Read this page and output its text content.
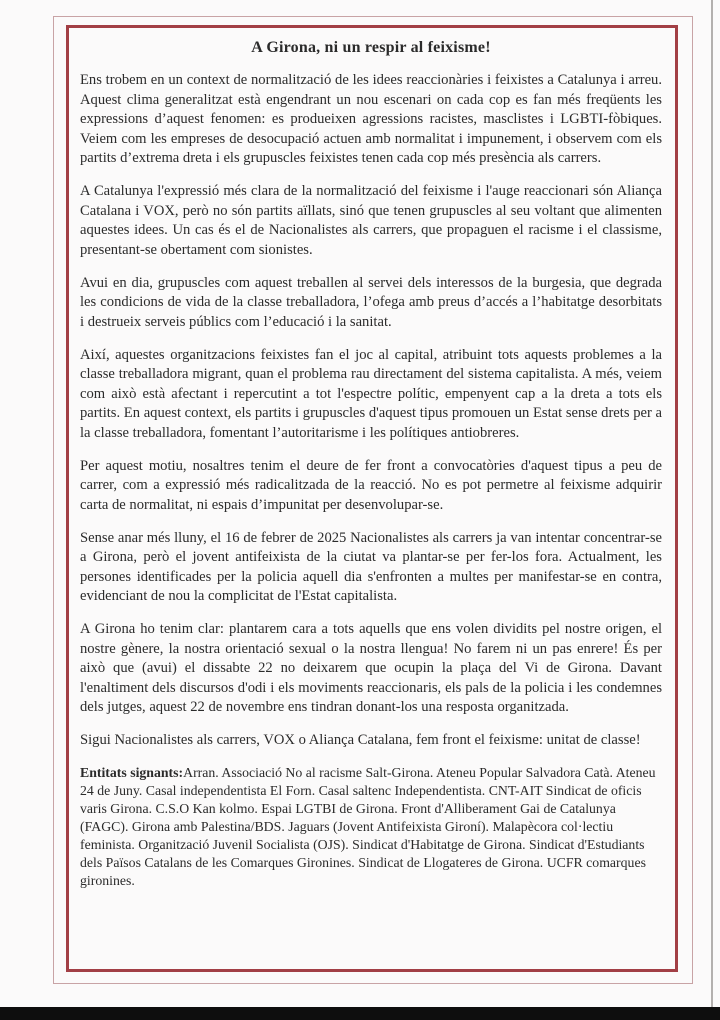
A Girona, ni un respir al feixisme!

Ens trobem en un context de normalització de les idees reaccionàries i feixistes a Catalunya i arreu. Aquest clima generalitzat està engendrant un nou escenari on cada cop es fan més freqüents les expressions d’aquest fenomen: es produeixen agressions racistes, masclistes i LGBTI-fòbiques. Veiem com les empreses de desocupació actuen amb normalitat i impunement, i observem com els partits d’extrema dreta i els grupuscles feixistes tenen cada cop més presència als carrers.

A Catalunya l'expressió més clara de la normalització del feixisme i l'auge reaccionari són Aliança Catalana i VOX, però no són partits aïllats, sinó que tenen grupuscles al seu voltant que alimenten aquestes idees. Un cas és el de Nacionalistes als carrers, que propaguen el racisme i el classisme, presentant-se obertament com sionistes.

Avui en dia, grupuscles com aquest treballen al servei dels interessos de la burgesia, que degrada les condicions de vida de la classe treballadora, l’ofega amb preus d’accés a l’habitatge desorbitats i destrueix serveis públics com l’educació i la sanitat.

Així, aquestes organitzacions feixistes fan el joc al capital, atribuint tots aquests problemes a la classe treballadora migrant, quan el problema rau directament del sistema capitalista. A més, veiem com això està afectant i repercutint a tot l'espectre polític, empenyent cap a la dreta a tots els partits. En aquest context, els partits i grupuscles d'aquest tipus promouen un Estat sense drets per a la classe treballadora, fomentant l’autoritarisme i les polítiques antiobreres.

Per aquest motiu, nosaltres tenim el deure de fer front a convocatòries d'aquest tipus a peu de carrer, com a expressió més radicalitzada de la reacció. No es pot permetre al feixisme adquirir carta de normalitat, ni espais d’impunitat per desenvolupar-se.

Sense anar més lluny, el 16 de febrer de 2025 Nacionalistes als carrers ja van intentar concentrar-se a Girona, però el jovent antifeixista de la ciutat va plantar-se per fer-los fora. Actualment, les persones identificades per la policia aquell dia s'enfronten a multes per manifestar-se en contra, evidenciant de nou la complicitat de l'Estat capitalista.

A Girona ho tenim clar: plantarem cara a tots aquells que ens volen dividits pel nostre origen, el nostre gènere, la nostra orientació sexual o la nostra llengua! No farem ni un pas enrere! És per això que (avui) el dissabte 22 no deixarem que ocupin la plaça del Vi de Girona. Davant l'enaltiment dels discursos d'odi i els moviments reaccionaris, els pals de la policia i les condemnes dels jutges, aquest 22 de novembre ens tindran donant-los una resposta organitzada.

Sigui Nacionalistes als carrers, VOX o Aliança Catalana, fem front el feixisme: unitat de classe!

Entitats signants:Arran. Associació No al racisme Salt-Girona. Ateneu Popular Salvadora Catà. Ateneu 24 de Juny. Casal independentista El Forn. Casal saltenc Independentista. CNT-AIT Sindicat de oficis varis Girona. C.S.O Kan kolmo. Espai LGTBI de Girona. Front d'Alliberament Gai de Catalunya (FAGC). Girona amb Palestina/BDS. Jaguars (Jovent Antifeixista Gironí). Malapècora col·lectiu feminista. Organització Juvenil Socialista (OJS). Sindicat d'Habitatge de Girona. Sindicat d'Estudiants dels Països Catalans de les Comarques Gironines. Sindicat de Llogateres de Girona. UCFR comarques gironines.
